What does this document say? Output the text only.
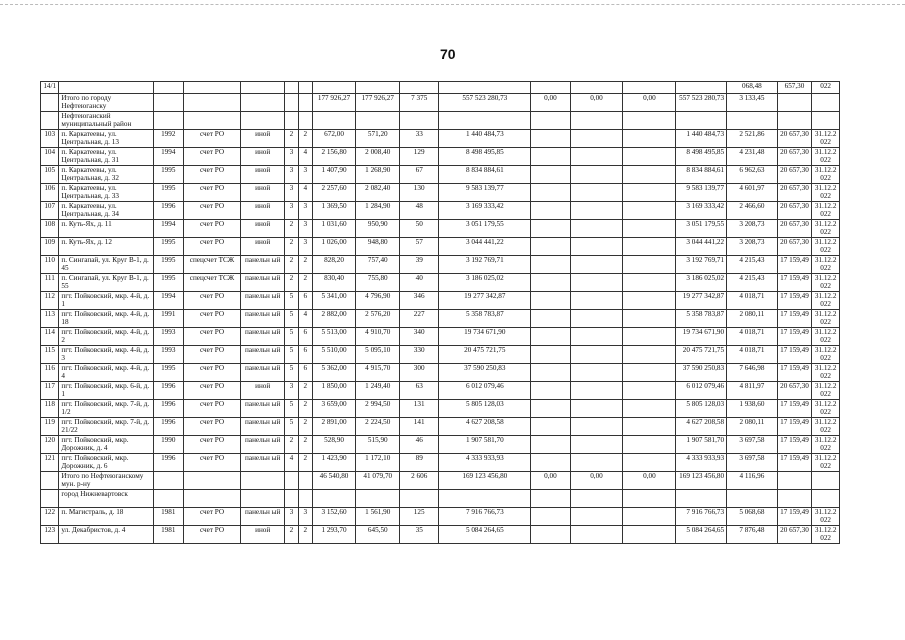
70
14/1															068,48	657,30	022
	Итого по городу Нефтеюганску						177 926,27	177 926,27	7 375	557 523 280,73	0,00	0,00	0,00	557 523 280,73	3 133,45		
	Нефтеюганский муниципальный район																
103	п. Каркатеевы, ул. Центральная, д. 13	1992	счет РО	иной	2	2	672,00	571,20	33	1 440 484,73				1 440 484,73	2 521,86	20 657,30	31.12.2 022
104	п. Каркатеевы, ул. Центральная, д. 31	1994	счет РО	иной	3	4	2 156,80	2 008,40	129	8 498 495,85				8 498 495,85	4 231,48	20 657,30	31.12.2 022
105	п. Каркатеевы, ул. Центральная, д. 32	1995	счет РО	иной	3	3	1 407,90	1 268,90	67	8 834 884,61				8 834 884,61	6 962,63	20 657,30	31.12.2 022
106	п. Каркатеевы, ул. Центральная, д. 33	1995	счет РО	иной	3	4	2 257,60	2 082,40	130	9 583 139,77				9 583 139,77	4 601,97	20 657,30	31.12.2 022
107	п. Каркатеевы, ул. Центральная, д. 34	1996	счет РО	иной	3	3	1 369,50	1 284,90	48	3 169 333,42				3 169 333,42	2 466,60	20 657,30	31.12.2 022
108	п. Куть-Ях, д. 11	1994	счет РО	иной	2	3	1 031,60	950,90	50	3 051 179,55				3 051 179,55	3 208,73	20 657,30	31.12.2 022
109	п. Куть-Ях, д. 12	1995	счет РО	иной	2	3	1 026,00	948,80	57	3 044 441,22				3 044 441,22	3 208,73	20 657,30	31.12.2 022
110	п. Сингапай, ул. Круг В-1, д. 45	1995	спецсчет ТСЖ	панельн ый	2	2	828,20	757,40	39	3 192 769,71				3 192 769,71	4 215,43	17 159,49	31.12.2 022
111	п. Сингапай, ул. Круг В-1, д. 55	1995	спецсчет ТСЖ	панельн ый	2	2	830,40	755,80	40	3 186 025,02				3 186 025,02	4 215,43	17 159,49	31.12.2 022
112	пгт. Пойковский, мкр. 4-й, д. 1	1994	счет РО	панельн ый	5	6	5 341,00	4 796,90	346	19 277 342,87				19 277 342,87	4 018,71	17 159,49	31.12.2 022
113	пгт. Пойковский, мкр. 4-й, д. 18	1991	счет РО	панельн ый	5	4	2 882,00	2 576,20	227	5 358 783,87				5 358 783,87	2 080,11	17 159,49	31.12.2 022
114	пгт. Пойковский, мкр. 4-й, д. 2	1993	счет РО	панельн ый	5	6	5 513,00	4 910,70	340	19 734 671,90				19 734 671,90	4 018,71	17 159,49	31.12.2 022
115	пгт. Пойковский, мкр. 4-й, д. 3	1993	счет РО	панельн ый	5	6	5 510,00	5 095,10	330	20 475 721,75				20 475 721,75	4 018,71	17 159,49	31.12.2 022
116	пгт. Пойковский, мкр. 4-й, д. 4	1995	счет РО	панельн ый	5	6	5 362,00	4 915,70	300	37 590 250,83				37 590 250,83	7 646,98	17 159,49	31.12.2 022
117	пгт. Пойковский, мкр. 6-й, д. 1	1996	счет РО	иной	3	2	1 850,00	1 249,40	63	6 012 079,46				6 012 079,46	4 811,97	20 657,30	31.12.2 022
118	пгт. Пойковский, мкр. 7-й, д. 1/2	1996	счет РО	панельн ый	5	2	3 659,00	2 994,50	131	5 805 128,03				5 805 128,03	1 938,60	17 159,49	31.12.2 022
119	пгт. Пойковский, мкр. 7-й, д. 21/22	1996	счет РО	панельн ый	5	2	2 891,00	2 224,50	141	4 627 208,58				4 627 208,58	2 080,11	17 159,49	31.12.2 022
120	пгт. Пойковский, мкр. Дорожник, д. 4	1990	счет РО	панельн ый	2	2	528,90	515,90	46	1 907 581,70				1 907 581,70	3 697,58	17 159,49	31.12.2 022
121	пгт. Пойковский, мкр. Дорожник, д. 6	1996	счет РО	панельн ый	4	2	1 423,90	1 172,10	89	4 333 933,93				4 333 933,93	3 697,58	17 159,49	31.12.2 022
	Итого по Нефтеюганскому мун. р-ну						46 540,80	41 079,70	2 606	169 123 456,80	0,00	0,00	0,00	169 123 456,80	4 116,96		
	город Нижневартовск																
122	п. Магистраль, д. 18	1981	счет РО	панельн ый	3	3	3 152,60	1 561,90	125	7 916 766,73				7 916 766,73	5 068,68	17 159,49	31.12.2 022
123	ул. Декабристов, д. 4	1981	счет РО	иной	2	2	1 293,70	645,50	35	5 084 264,65				5 084 264,65	7 876,48	20 657,30	31.12.2 022
